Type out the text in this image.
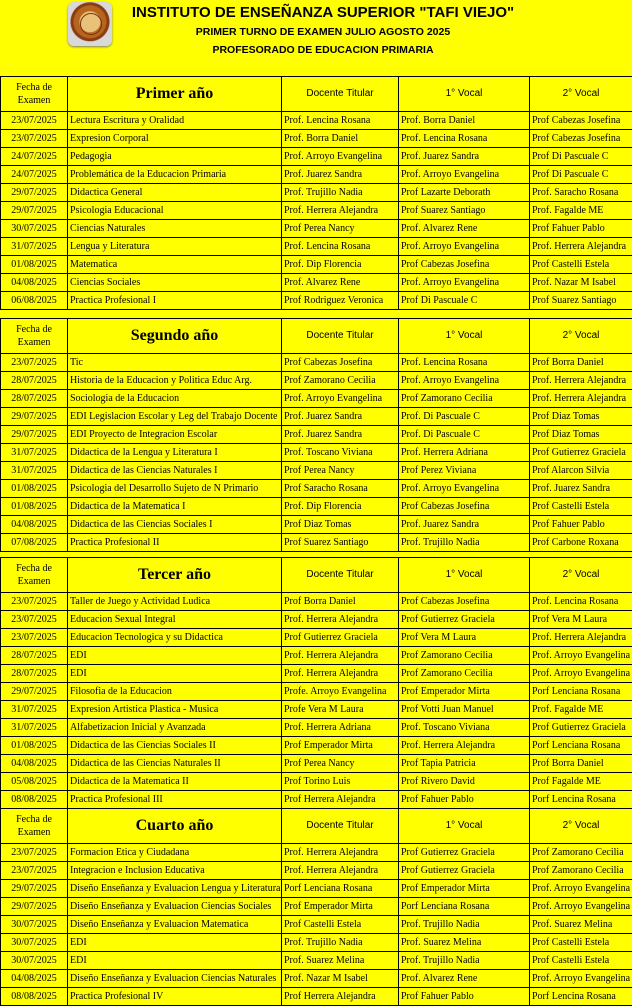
INSTITUTO DE ENSEÑANZA SUPERIOR "TAFI VIEJO"
PRIMER TURNO DE EXAMEN JULIO AGOSTO 2025
PROFESORADO DE EDUCACION PRIMARIA
Fecha de Examen	Primer año	Docente Titular	1° Vocal	2° Vocal
23/07/2025	Lectura Escritura y Oralidad	Prof. Lencina Rosana	Prof. Borra Daniel	Prof Cabezas Josefina
23/07/2025	Expresion Corporal	Prof. Borra Daniel	Prof. Lencina Rosana	Prof Cabezas Josefina
24/07/2025	Pedagogia	Prof. Arroyo Evangelina	Prof. Juarez Sandra	Prof Di Pascuale C
24/07/2025	Problemática de la Educacion Primaria	Prof. Juarez Sandra	Prof. Arroyo Evangelina	Prof Di Pascuale C
29/07/2025	Didactica General	Prof. Trujillo Nadia	Prof Lazarte Deborath	Prof. Saracho Rosana
29/07/2025	Psicologia Educacional	Prof. Herrera Alejandra	Prof Suarez Santiago	Prof. Fagalde ME
30/07/2025	Ciencias Naturales	Prof Perea Nancy	Prof. Alvarez Rene	Prof Fahuer Pablo
31/07/2025	Lengua y Literatura	Prof. Lencina Rosana	Prof. Arroyo Evangelina	Prof. Herrera Alejandra
01/08/2025	Matematica	Prof. Dip Florencia	Prof Cabezas Josefina	Prof Castelli Estela
04/08/2025	Ciencias Sociales	Prof. Alvarez Rene	Prof. Arroyo Evangelina	Prof. Nazar M Isabel
06/08/2025	Practica Profesional I	Prof Rodriguez Veronica	Prof Di Pascuale C	Prof Suarez Santiago
Fecha de Examen	Segundo año	Docente Titular	1° Vocal	2° Vocal
23/07/2025	Tic	Prof Cabezas Josefina	Prof. Lencina Rosana	Prof Borra Daniel
28/07/2025	Historia de la Educacion y Politica Educ Arg.	Prof Zamorano Cecilia	Prof. Arroyo Evangelina	Prof. Herrera Alejandra
28/07/2025	Sociologia de la Educacion	Prof. Arroyo Evangelina	Prof Zamorano Cecilia	Prof. Herrera Alejandra
29/07/2025	EDI Legislacion Escolar y Leg del Trabajo Docente	Prof. Juarez Sandra	Prof. Di Pascuale C	Prof Diaz Tomas
29/07/2025	EDI Proyecto de Integracion Escolar	Prof. Juarez Sandra	Prof. Di Pascuale C	Prof Diaz Tomas
31/07/2025	Didactica de la Lengua y Literatura I	Prof. Toscano Viviana	Prof. Herrera Adriana	Prof Gutierrez Graciela
31/07/2025	Didactica de las Ciencias Naturales I	Prof Perea Nancy	Prof Perez Viviana	Prof Alarcon Silvia
01/08/2025	Psicologia del Desarrollo Sujeto de N Primario	Prof Saracho Rosana	Prof. Arroyo Evangelina	Prof. Juarez Sandra
01/08/2025	Didactica de la Matematica I	Prof. Dip Florencia	Prof Cabezas Josefina	Prof Castelli Estela
04/08/2025	Didactica de las Ciencias Sociales I	Prof Diaz Tomas	Prof. Juarez Sandra	Prof Fahuer Pablo
07/08/2025	Practica Profesional II	Prof Suarez Santiago	Prof. Trujillo Nadia	Prof Carbone Roxana
Fecha de Examen	Tercer año	Docente Titular	1° Vocal	2° Vocal
23/07/2025	Taller de Juego y Actividad Ludica	Prof Borra Daniel	Prof Cabezas Josefina	Prof. Lencina Rosana
23/07/2025	Educacion Sexual Integral	Prof. Herrera Alejandra	Prof Gutierrez Graciela	Prof Vera M Laura
23/07/2025	Educacion Tecnologica y su Didactica	Prof Gutierrez Graciela	Prof Vera M Laura	Prof. Herrera Alejandra
28/07/2025	EDI	Prof. Herrera Alejandra	Prof Zamorano Cecilia	Prof. Arroyo Evangelina
28/07/2025	EDI	Prof. Herrera Alejandra	Prof Zamorano Cecilia	Prof. Arroyo Evangelina
29/07/2025	Filosofia de la Educacion	Profe. Arroyo Evangelina	Prof Emperador Mirta	Porf Lenciana Rosana
31/07/2025	Expresion Artistica Plastica - Musica	Profe Vera M Laura	Prof Votti Juan Manuel	Prof. Fagalde ME
31/07/2025	Alfabetizacion Inicial y Avanzada	Prof. Herrera Adriana	Prof. Toscano Viviana	Prof Gutierrez Graciela
01/08/2025	Didactica de las Ciencias Sociales II	Prof Emperador Mirta	Prof. Herrera Alejandra	Porf Lenciana Rosana
04/08/2025	Didactica de las Ciencias Naturales II	Prof Perea Nancy	Prof Tapia Patricia	Prof Borra Daniel
05/08/2025	Didactica de la Matematica II	Prof Torino Luis	Prof Rivero David	Prof Fagalde ME
08/08/2025	Practica Profesional III	Prof Herrera Alejandra	Prof Fahuer Pablo	Porf Lencina Rosana
Fecha de Examen	Cuarto año	Docente Titular	1° Vocal	2° Vocal
23/07/2025	Formacion Etica y Ciudadana	Prof. Herrera Alejandra	Prof Gutierrez Graciela	Prof Zamorano Cecilia
23/07/2025	Integracion e Inclusion Educativa	Prof. Herrera Alejandra	Prof Gutierrez Graciela	Prof Zamorano Cecilia
29/07/2025	Diseño Enseñanza y Evaluacion Lengua y Literatura	Porf Lenciana Rosana	Prof Emperador Mirta	Prof. Arroyo Evangelina
29/07/2025	Diseño Enseñanza y Evaluacion Ciencias Sociales	Prof Emperador Mirta	Porf Lenciana Rosana	Prof. Arroyo Evangelina
30/07/2025	Diseño Enseñanza y Evaluacion Matematica	Prof Castelli Estela	Prof. Trujillo Nadia	Prof. Suarez Melina
30/07/2025	EDI	Prof. Trujillo Nadia	Prof. Suarez Melina	Prof Castelli Estela
30/07/2025	EDI	Prof. Suarez Melina	Prof. Trujillo Nadia	Prof Castelli Estela
04/08/2025	Diseño Enseñanza y Evaluacion Ciencias Naturales	Prof. Nazar M Isabel	Prof. Alvarez Rene	Prof. Arroyo Evangelina
08/08/2025	Practica Profesional IV	Prof Herrera Alejandra	Prof Fahuer Pablo	Porf Lencina Rosana
